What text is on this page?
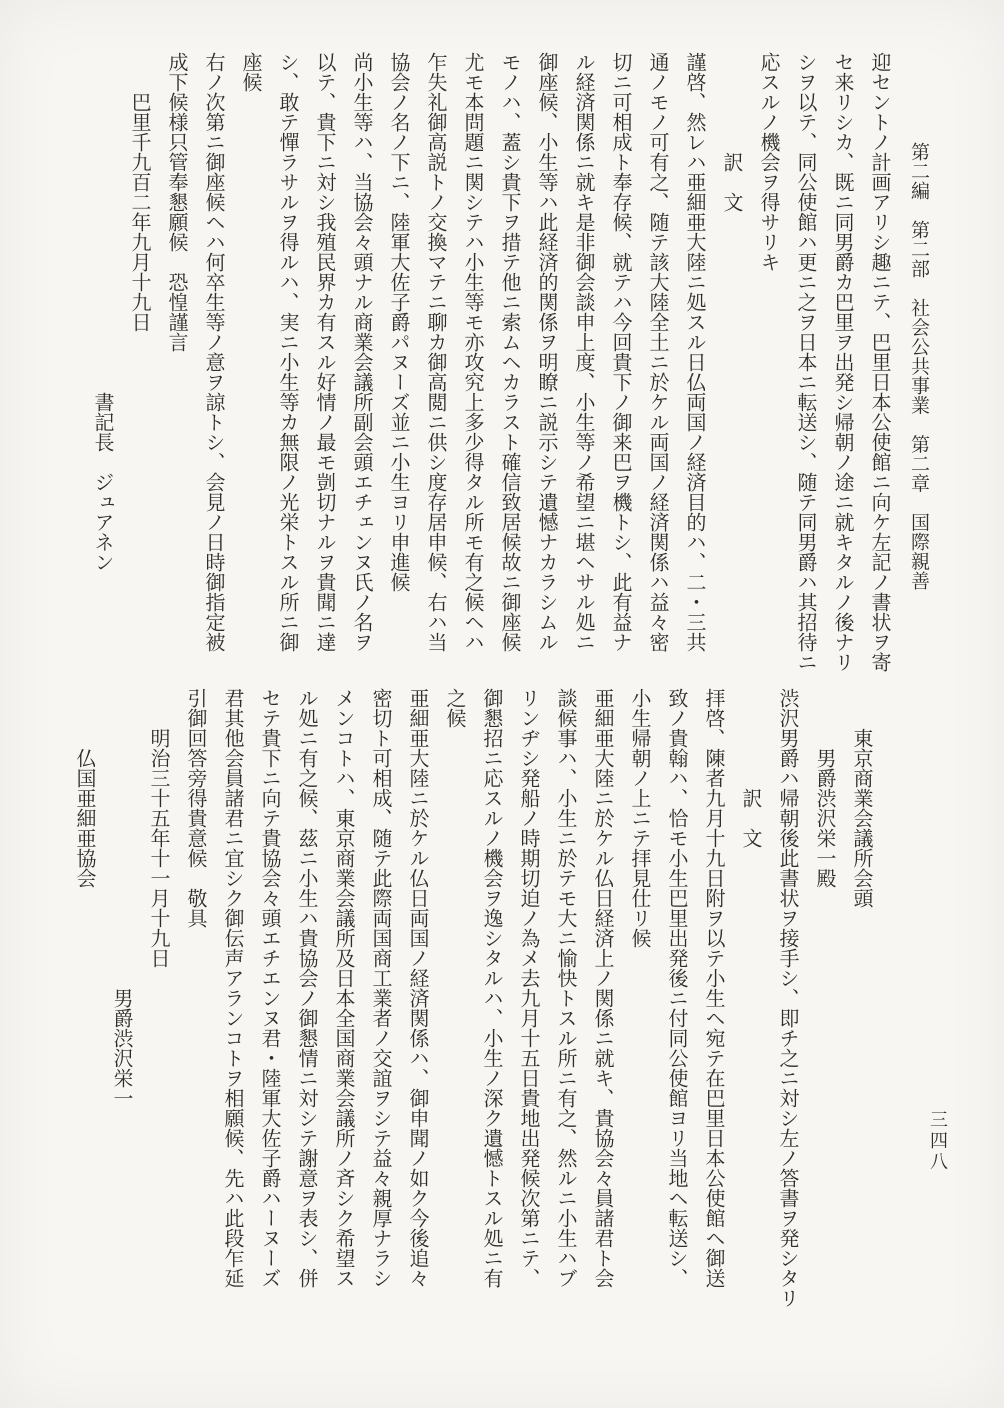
第二編　第二部　社会公共事業　第二章　国際親善
三四八
迎セントノ計画アリシ趣ニテ、巴里日本公使館ニ向ケ左記ノ書状ヲ寄
セ来リシカ、既ニ同男爵カ巴里ヲ出発シ帰朝ノ途ニ就キタルノ後ナリ
シヲ以テ、同公使館ハ更ニ之ヲ日本ニ転送シ、随テ同男爵ハ其招待ニ
応スルノ機会ヲ得サリキ
　　　　　訳　文
謹啓、然レハ亜細亜大陸ニ処スル日仏両国ノ経済目的ハ、二・三共
通ノモノ可有之、随テ該大陸全土ニ於ケル両国ノ経済関係ハ益々密
切ニ可相成ト奉存候、就テハ今回貴下ノ御来巴ヲ機トシ、此有益ナ
ル経済関係ニ就キ是非御会談申上度、小生等ノ希望ニ堪ヘサル処ニ
御座候、小生等ハ此経済的関係ヲ明瞭ニ説示シテ遺憾ナカラシムル
モノハ、蓋シ貴下ヲ措テ他ニ索ムヘカラスト確信致居候故ニ御座候
尤モ本問題ニ関シテハ小生等モ亦攻究上多少得タル所モ有之候ヘハ
乍失礼御高説トノ交換マテニ聊カ御高閲ニ供シ度存居申候、右ハ当
協会ノ名ノ下ニ、陸軍大佐子爵パヌーズ並ニ小生ヨリ申進候
尚小生等ハ、当協会々頭ナル商業会議所副会頭エチェンヌ氏ノ名ヲ
以テ、貴下ニ対シ我殖民界カ有スル好情ノ最モ剴切ナルヲ貴聞ニ達
シ、敢テ憚ラサルヲ得ルハ、実ニ小生等カ無限ノ光栄トスル所ニ御
座候
右ノ次第ニ御座候ヘハ何卒生等ノ意ヲ諒トシ、会見ノ日時御指定被
成下候様只管奉懇願候　恐惶謹言
　　巴里千九百二年九月十九日
　　　　　　　　　　　　　　　　　書記長　ジュアネン
　　東京商業会議所会頭
　　　男爵渋沢栄一殿
渋沢男爵ハ帰朝後此書状ヲ接手シ、即チ之ニ対シ左ノ答書ヲ発シタリ
　　　　　訳　文
拝啓、陳者九月十九日附ヲ以テ小生ヘ宛テ在巴里日本公使館ヘ御送
致ノ貴翰ハ、恰モ小生巴里出発後ニ付同公使館ヨリ当地ヘ転送シ、
小生帰朝ノ上ニテ拝見仕リ候
亜細亜大陸ニ於ケル仏日経済上ノ関係ニ就キ、貴協会々員諸君ト会
談候事ハ、小生ニ於テモ大ニ愉快トスル所ニ有之、然ルニ小生ハブ
リンヂシ発船ノ時期切迫ノ為メ去九月十五日貴地出発候次第ニテ、
御懇招ニ応スルノ機会ヲ逸シタルハ、小生ノ深ク遺憾トスル処ニ有
之候
亜細亜大陸ニ於ケル仏日両国ノ経済関係ハ、御申聞ノ如ク今後追々
密切ト可相成、随テ此際両国商工業者ノ交誼ヲシテ益々親厚ナラシ
メンコトハ、東京商業会議所及日本全国商業会議所ノ斉シク希望ス
ル処ニ有之候、茲ニ小生ハ貴協会ノ御懇情ニ対シテ謝意ヲ表シ、併
セテ貴下ニ向テ貴協会々頭エチエンヌ君・陸軍大佐子爵ハーヌーズ
君其他会員諸君ニ宜シク御伝声アランコトヲ相願候、先ハ此段乍延
引御回答旁得貴意候　敬具
　　明治三十五年十一月十九日
　　　　　　　　　　　　　　　男爵渋沢栄一
　　　仏国亜細亜協会
